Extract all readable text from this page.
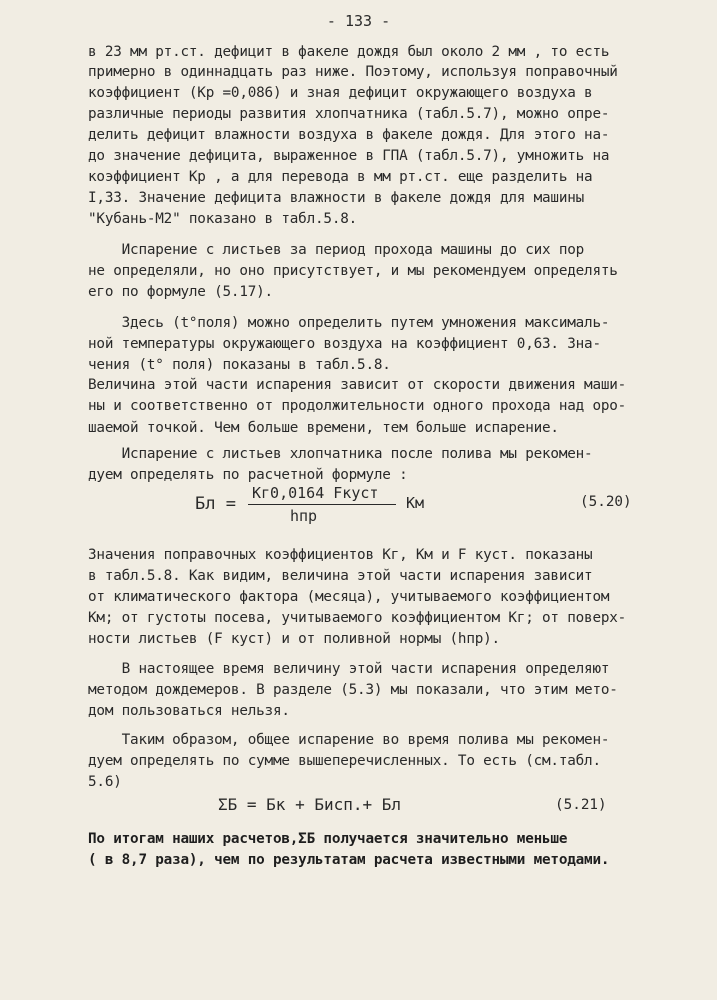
- 133 -
в 23 мм рт.ст. дефицит в факеле дождя был около 2 мм , то есть
примерно в одиннадцать раз ниже. Поэтому, используя поправочный
коэффициент (Кр =0,086) и зная дефицит окружающего воздуха в
различные периоды развития хлопчатника (табл.5.7), можно опре-
делить дефицит влажности воздуха в факеле дождя. Для этого на-
до значение дефицита, выраженное в ГПА (табл.5.7), умножить на
коэффициент Кр , а для перевода в мм рт.ст. еще разделить на
I,33. Значение дефицита влажности в факеле дождя для машины
"Кубань-М2" показано в табл.5.8.
Испарение с листьев за период прохода машины до сих пор
не определяли, но оно присутствует, и мы рекомендуем определять
его по формуле (5.17).
Здесь (t°поля) можно определить путем умножения максималь-
ной температуры окружающего воздуха на коэффициент 0,63. Зна-
чения (t° поля) показаны в табл.5.8.
Величина этой части испарения зависит от скорости движения маши-
ны и соответственно от продолжительности одного прохода над оро-
шаемой точкой. Чем больше времени, тем больше испарение.
Испарение с листьев хлопчатника после полива мы рекомен-
дуем определять по расчетной формуле :
Бл =
Кг0,0164 Fкуст
hпр
Км	(5.20)
Значения поправочных коэффициентов Кг, Км и F куст. показаны
в табл.5.8. Как видим, величина этой части испарения зависит
от климатического фактора (месяца), учитываемого коэффициентом
Км; от густоты посева, учитываемого коэффициентом Кг; от поверх-
ности листьев (F куст) и от поливной нормы (hпр).
В настоящее время величину этой части испарения определяют
методом дождемеров. В разделе (5.3) мы показали, что этим мето-
дом пользоваться нельзя.
Таким образом, общее испарение во время полива мы рекомен-
дуем определять по сумме вышеперечисленных. То есть (см.табл.
5.6)
ΣБ = Бк + Бисп.+ Бл	(5.21)
По итогам наших расчетов,ΣБ получается значительно меньше
( в 8,7 раза), чем по результатам расчета известными методами.
